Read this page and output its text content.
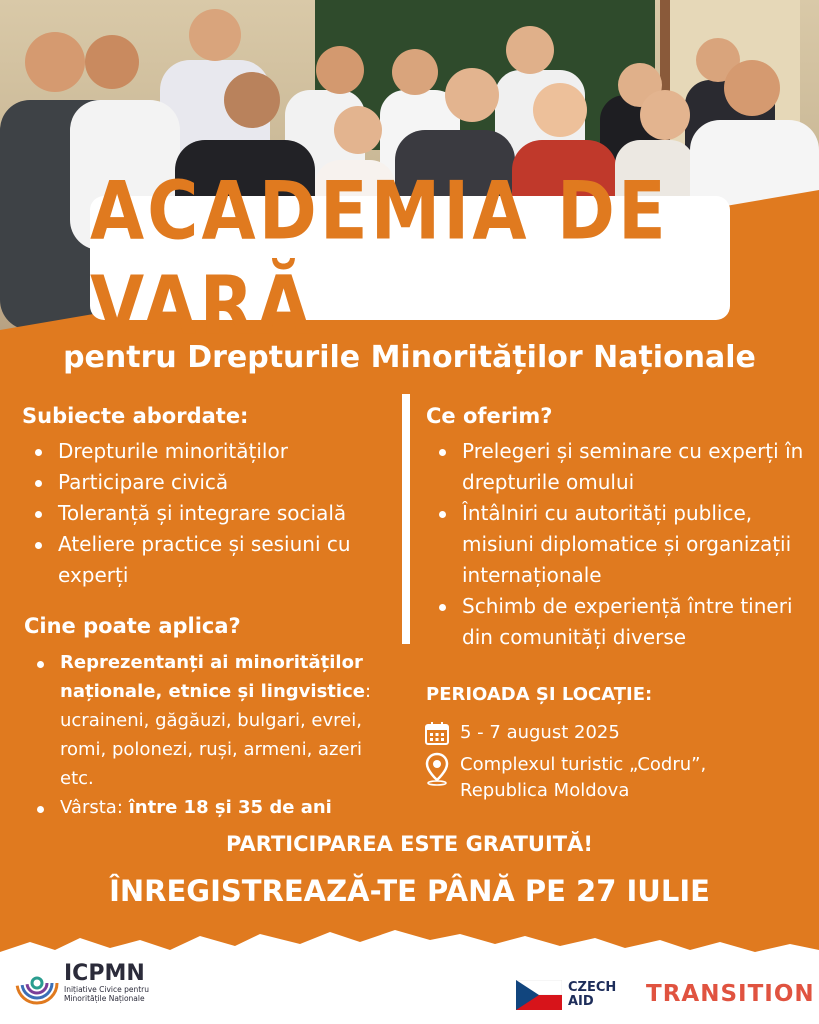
ACADEMIA DE VARĂ
pentru Drepturile Minorităților Naționale
Subiecte abordate:
Drepturile minorităților
Participare civică
Toleranță și integrare socială
Ateliere practice și sesiuni cu experți
Cine poate aplica?
Reprezentanți ai minorităților naționale, etnice și lingvistice: ucraineni, găgăuzi, bulgari, evrei, romi, polonezi, ruși, armeni, azeri etc.
Vârsta: între 18 și 35 de ani
Ce oferim?
Prelegeri și seminare cu experți în drepturile omului
Întâlniri cu autorități publice, misiuni diplomatice și organizații internaționale
Schimb de experiență între tineri din comunități diverse
PERIOADA ȘI LOCAȚIE:
5 - 7 august 2025
Complexul turistic „Codru”,
Republica Moldova
PARTICIPAREA ESTE GRATUITĂ!
ÎNREGISTREAZĂ-TE PÂNĂ PE 27 IULIE
ICPMN
Inițiative Civice pentru
Minoritățile Naționale
CZECH
AID	TRANSITION
